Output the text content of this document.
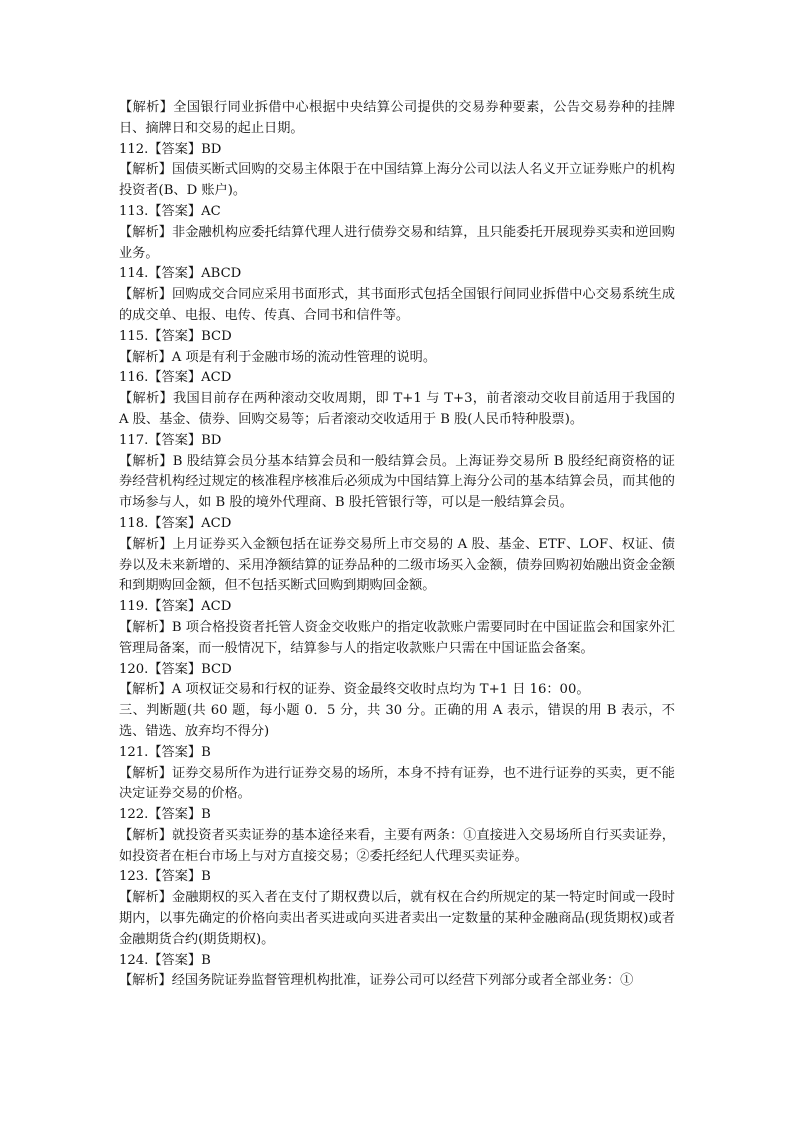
【解析】全国银行同业拆借中心根据中央结算公司提供的交易券种要素，公告交易券种的挂牌日、摘牌日和交易的起止日期。
112.【答案】BD
【解析】国债买断式回购的交易主体限于在中国结算上海分公司以法人名义开立证券账户的机构投资者(B、D 账户)。
113.【答案】AC
【解析】非金融机构应委托结算代理人进行债券交易和结算，且只能委托开展现券买卖和逆回购业务。
114.【答案】ABCD
【解析】回购成交合同应采用书面形式，其书面形式包括全国银行间同业拆借中心交易系统生成的成交单、电报、电传、传真、合同书和信件等。
115.【答案】BCD
【解析】A 项是有利于金融市场的流动性管理的说明。
116.【答案】ACD
【解析】我国目前存在两种滚动交收周期，即 T+1 与 T+3，前者滚动交收目前适用于我国的 A 股、基金、债券、回购交易等；后者滚动交收适用于 B 股(人民币特种股票)。
117.【答案】BD
【解析】B 股结算会员分基本结算会员和一般结算会员。上海证券交易所 B 股经纪商资格的证券经营机构经过规定的核准程序核准后必须成为中国结算上海分公司的基本结算会员，而其他的市场参与人，如 B 股的境外代理商、B 股托管银行等，可以是一般结算会员。
118.【答案】ACD
【解析】上月证券买入金额包括在证券交易所上市交易的 A 股、基金、ETF、LOF、权证、债券以及未来新增的、采用净额结算的证券品种的二级市场买入金额，债券回购初始融出资金金额和到期购回金额，但不包括买断式回购到期购回金额。
119.【答案】ACD
【解析】B 项合格投资者托管人资金交收账户的指定收款账户需要同时在中国证监会和国家外汇管理局备案，而一般情况下，结算参与人的指定收款账户只需在中国证监会备案。
120.【答案】BCD
【解析】A 项权证交易和行权的证券、资金最终交收时点均为 T+1 日 16：00。
三、判断题(共 60 题，每小题 0．5 分，共 30 分。正确的用 A 表示，错误的用 B 表示，不选、错选、放弃均不得分)
121.【答案】B
【解析】证券交易所作为进行证券交易的场所，本身不持有证券，也不进行证券的买卖，更不能决定证券交易的价格。
122.【答案】B
【解析】就投资者买卖证券的基本途径来看，主要有两条：①直接进入交易场所自行买卖证券，如投资者在柜台市场上与对方直接交易；②委托经纪人代理买卖证券。
123.【答案】B
【解析】金融期权的买入者在支付了期权费以后，就有权在合约所规定的某一特定时间或一段时期内，以事先确定的价格向卖出者买进或向买进者卖出一定数量的某种金融商品(现货期权)或者金融期货合约(期货期权)。
124.【答案】B
【解析】经国务院证券监督管理机构批准，证券公司可以经营下列部分或者全部业务：①
